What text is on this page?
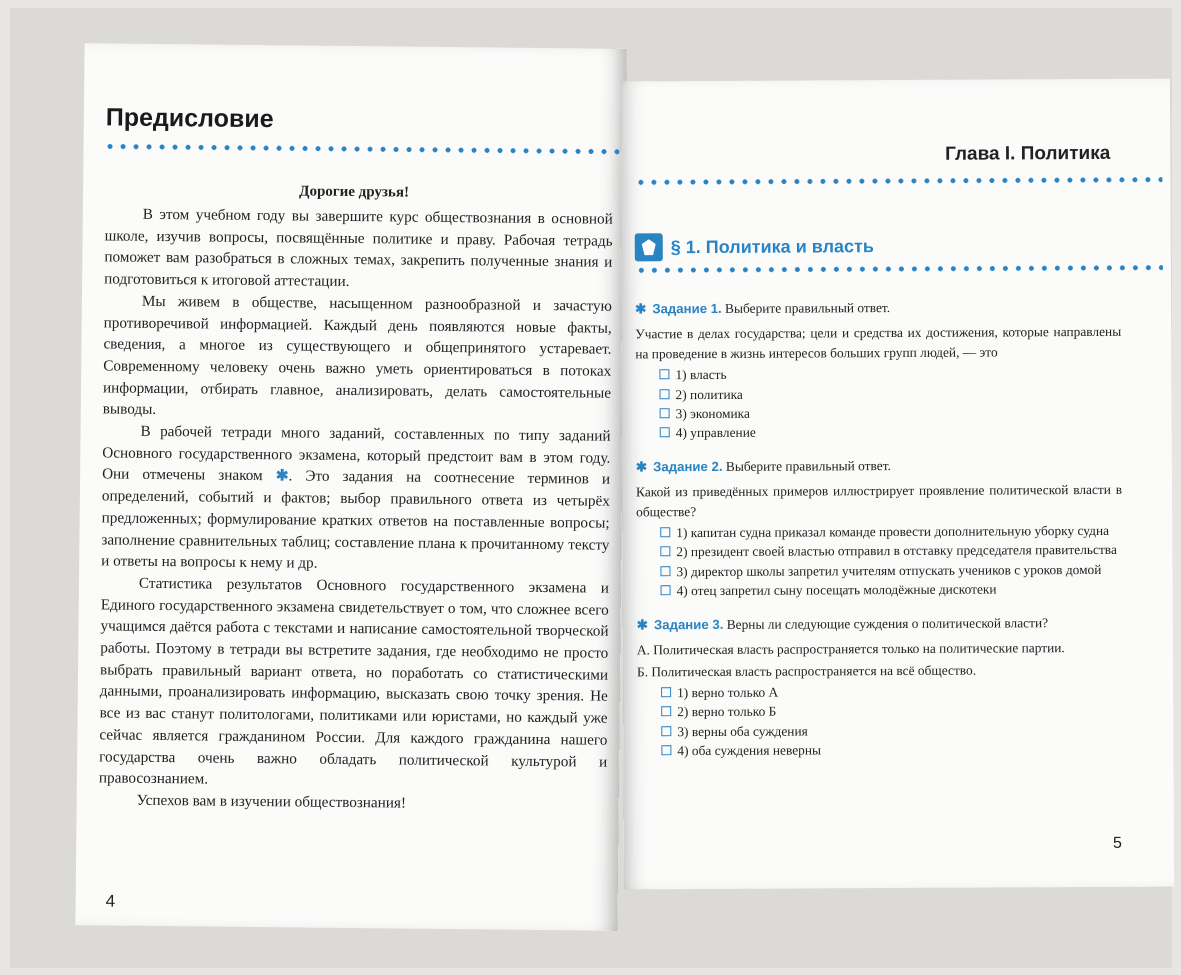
Предисловие
Дорогие друзья!

В этом учебном году вы завершите курс обществознания в основной школе, изучив вопросы, посвящённые политике и праву. Рабочая тетрадь поможет вам разобраться в сложных темах, закрепить полученные знания и подготовиться к итоговой аттестации.

Мы живем в обществе, насыщенном разнообразной и зачастую противоречивой информацией. Каждый день появляются новые факты, сведения, а многое из существующего и общепринятого устаревает. Современному человеку очень важно уметь ориентироваться в потоках информации, отбирать главное, анализировать, делать самостоятельные выводы.

В рабочей тетради много заданий, составленных по типу заданий Основного государственного экзамена, который предстоит вам в этом году. Они отмечены знаком ✱. Это задания на соотнесение терминов и определений, событий и фактов; выбор правильного ответа из четырёх предложенных; формулирование кратких ответов на поставленные вопросы; заполнение сравнительных таблиц; составление плана к прочитанному тексту и ответы на вопросы к нему и др.

Статистика результатов Основного государственного экзамена и Единого государственного экзамена свидетельствует о том, что сложнее всего учащимся даётся работа с текстами и написание самостоятельной творческой работы. Поэтому в тетради вы встретите задания, где необходимо не просто выбрать правильный вариант ответа, но поработать со статистическими данными, проанализировать информацию, высказать свою точку зрения. Не все из вас станут политологами, политиками или юристами, но каждый уже сейчас является гражданином России. Для каждого гражданина нашего государства очень важно обладать политической культурой и правосознанием.

Успехов вам в изучении обществознания!

4
Глава I. Политика
§ 1. Политика и власть
✱ Задание 1. Выберите правильный ответ.
Участие в делах государства; цели и средства их достижения, которые направлены на проведение в жизнь интересов больших групп людей, — это
1) власть
2) политика
3) экономика
4) управление
✱ Задание 2. Выберите правильный ответ.
Какой из приведённых примеров иллюстрирует проявление политической власти в обществе?
1) капитан судна приказал команде провести дополнительную уборку судна
2) президент своей властью отправил в отставку председателя правительства
3) директор школы запретил учителям отпускать учеников с уроков домой
4) отец запретил сыну посещать молодёжные дискотеки
✱ Задание 3. Верны ли следующие суждения о политической власти?
А. Политическая власть распространяется только на политические партии.
Б. Политическая власть распространяется на всё общество.
1) верно только А
2) верно только Б
3) верны оба суждения
4) оба суждения неверны
5
